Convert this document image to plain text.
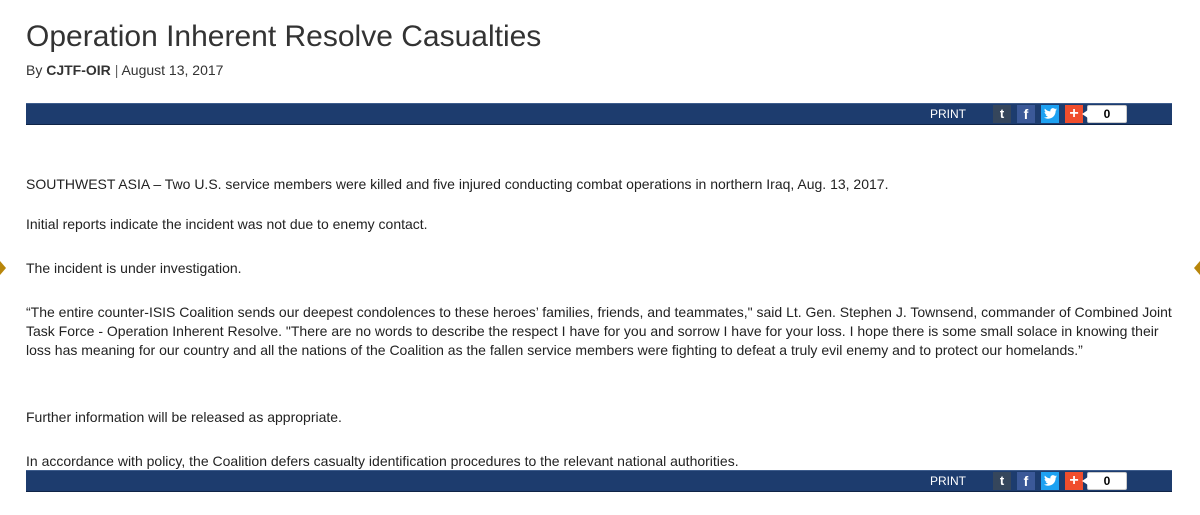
Operation Inherent Resolve Casualties
By CJTF-OIR | August 13, 2017
PRINT	t	f	+	0

SOUTHWEST ASIA – Two U.S. service members were killed and five injured conducting combat operations in northern Iraq, Aug. 13, 2017.

Initial reports indicate the incident was not due to enemy contact.

The incident is under investigation.

“The entire counter-ISIS Coalition sends our deepest condolences to these heroes’ families, friends, and teammates," said Lt. Gen. Stephen J. Townsend, commander of Combined Joint Task Force - Operation Inherent Resolve. "There are no words to describe the respect I have for you and sorrow I have for your loss. I hope there is some small solace in knowing their loss has meaning for our country and all the nations of the Coalition as the fallen service members were fighting to defeat a truly evil enemy and to protect our homelands.”

Further information will be released as appropriate.

In accordance with policy, the Coalition defers casualty identification procedures to the relevant national authorities.

PRINT	t	f	+	0
